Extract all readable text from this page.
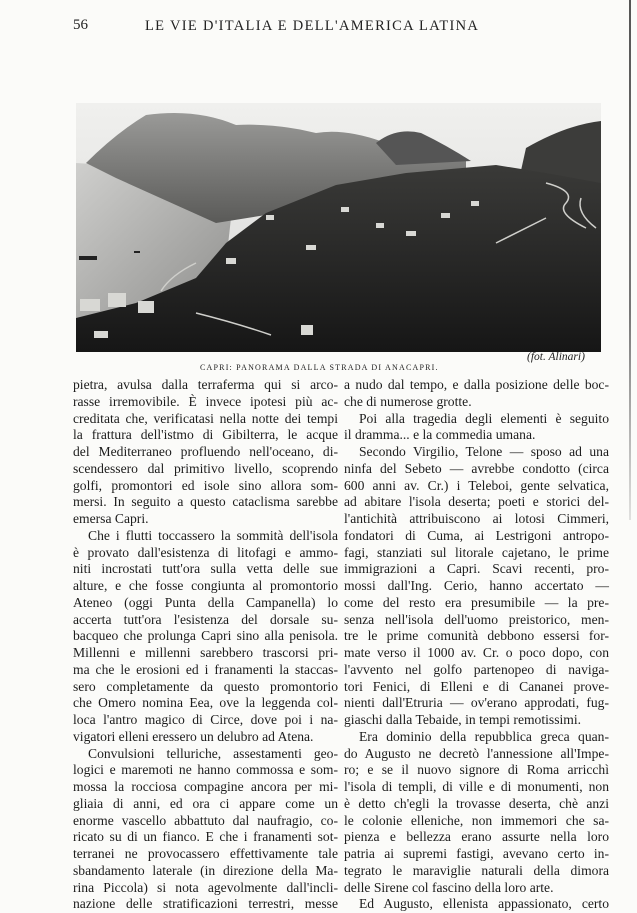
56	LE VIE D'ITALIA E DELL'AMERICA LATINA
(fot. Alinari)
CAPRI: PANORAMA DALLA STRADA DI ANACAPRI.
pietra, avulsa dalla terraferma qui si arco-
rasse irremovibile. È invece ipotesi più ac-
creditata che, verificatasi nella notte dei tempi
la frattura dell'istmo di Gibilterra, le acque
del Mediterraneo profluendo nell'oceano, di-
scendessero dal primitivo livello, scoprendo
golfi, promontori ed isole sino allora som-
mersi. In seguito a questo cataclisma sarebbe
emersa Capri.
Che i flutti toccassero la sommità dell'isola
è provato dall'esistenza di litofagi e ammo-
niti incrostati tutt'ora sulla vetta delle sue
alture, e che fosse congiunta al promontorio
Ateneo (oggi Punta della Campanella) lo
accerta tutt'ora l'esistenza del dorsale su-
bacqueo che prolunga Capri sino alla penisola.
Millenni e millenni sarebbero trascorsi pri-
ma che le erosioni ed i franamenti la staccas-
sero completamente da questo promontorio
che Omero nomina Eea, ove la leggenda col-
loca l'antro magico di Circe, dove poi i na-
vigatori elleni eressero un delubro ad Atena.
Convulsioni telluriche, assestamenti geo-
logici e maremoti ne hanno commossa e som-
mossa la rocciosa compagine ancora per mi-
gliaia di anni, ed ora ci appare come un
enorme vascello abbattuto dal naufragio, co-
ricato su di un fianco. E che i franamenti sot-
terranei ne provocassero effettivamente tale
sbandamento laterale (in direzione della Ma-
rina Piccola) si nota agevolmente dall'incli-
nazione delle stratificazioni terrestri, messe
a nudo dal tempo, e dalla posizione delle boc-
che di numerose grotte.
Poi alla tragedia degli elementi è seguito
il dramma... e la commedia umana.
Secondo Virgilio, Telone — sposo ad una
ninfa del Sebeto — avrebbe condotto (circa
600 anni av. Cr.) i Teleboi, gente selvatica,
ad abitare l'isola deserta; poeti e storici del-
l'antichità attribuiscono ai lotosi Cimmeri,
fondatori di Cuma, ai Lestrigoni antropo-
fagi, stanziati sul litorale cajetano, le prime
immigrazioni a Capri. Scavi recenti, pro-
mossi dall'Ing. Cerio, hanno accertato —
come del resto era presumibile — la pre-
senza nell'isola dell'uomo preistorico, men-
tre le prime comunità debbono essersi for-
mate verso il 1000 av. Cr. o poco dopo, con
l'avvento nel golfo partenopeo di naviga-
tori Fenici, di Elleni e di Cananei prove-
nienti dall'Etruria — ov'erano approdati, fug-
giaschi dalla Tebaide, in tempi remotissimi.
Era dominio della repubblica greca quan-
do Augusto ne decretò l'annessione all'Impe-
ro; e se il nuovo signore di Roma arricchì
l'isola di templi, di ville e di monumenti, non
è detto ch'egli la trovasse deserta, chè anzi
le colonie elleniche, non immemori che sa-
pienza e bellezza erano assurte nella loro
patria ai supremi fastigi, avevano certo in-
tegrato le maraviglie naturali della dimora
delle Sirene col fascino della loro arte.
Ed Augusto, ellenista appassionato, certo
